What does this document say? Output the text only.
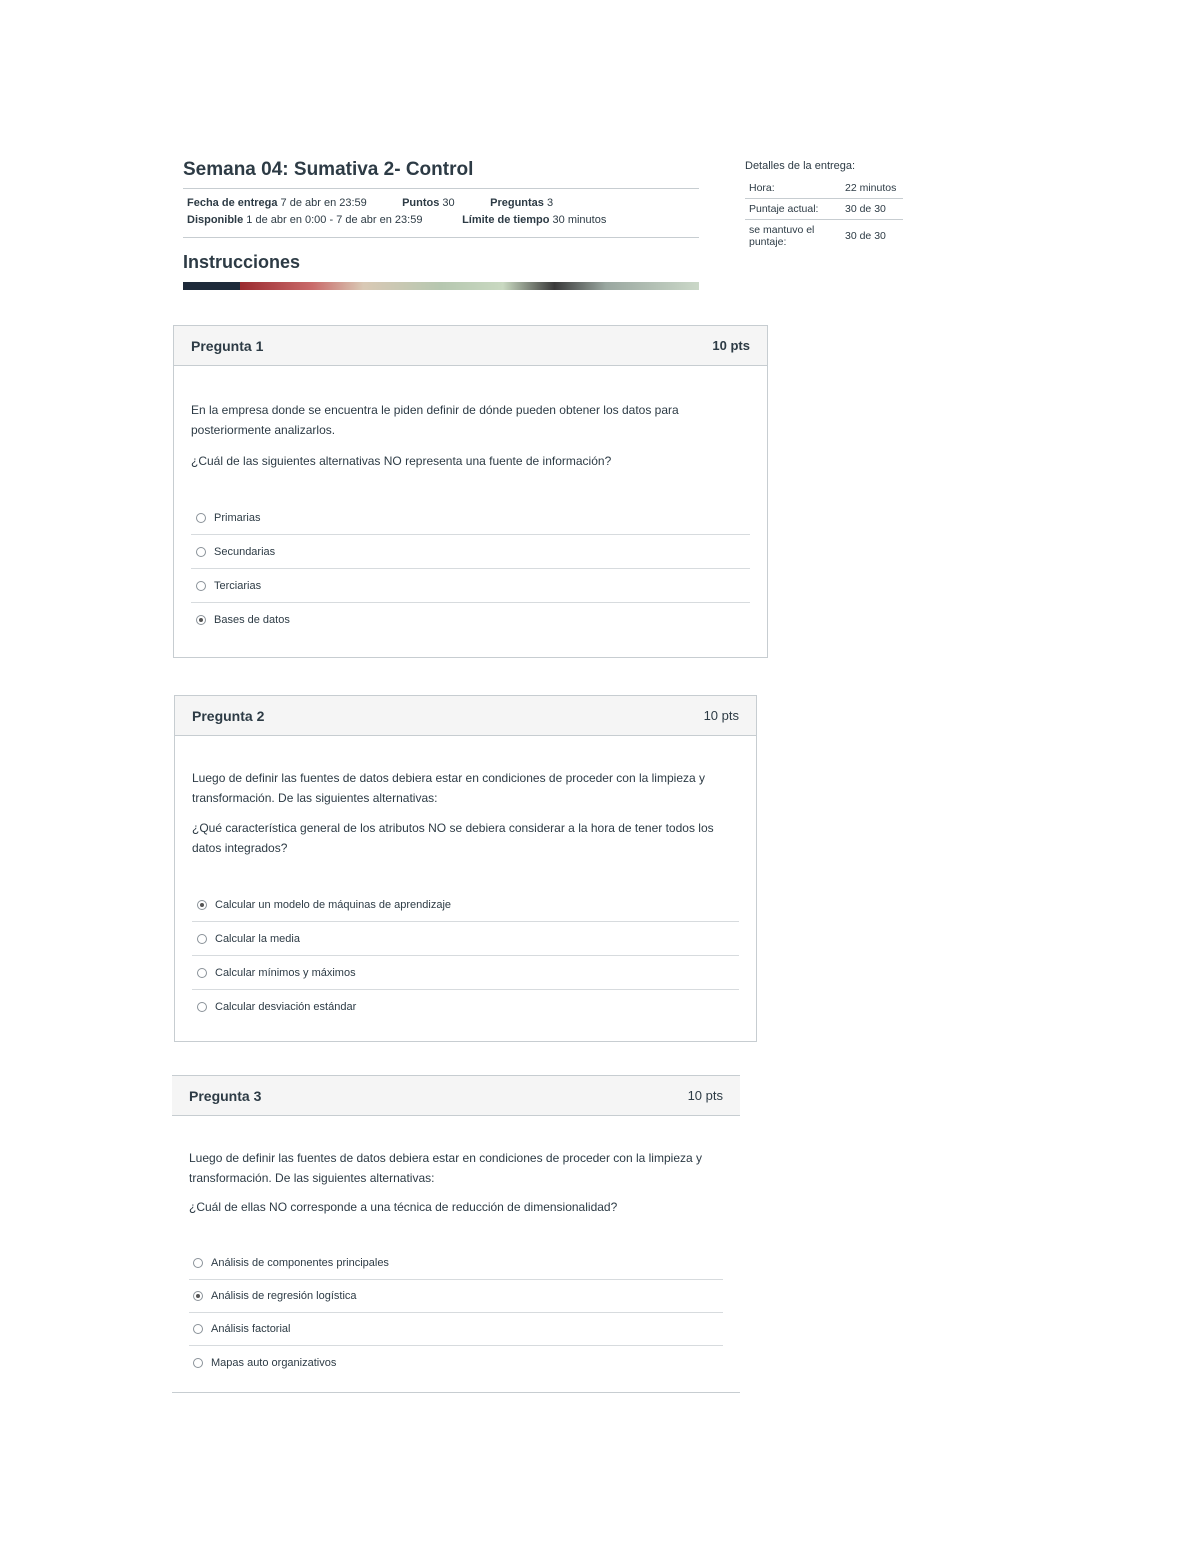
Semana 04: Sumativa 2- Control
Fecha de entrega 7 de abr en 23:59	Puntos 30	Preguntas 3
Disponible 1 de abr en 0:00 - 7 de abr en 23:59	Límite de tiempo 30 minutos
Instrucciones
Detalles de la entrega:
Hora:	22 minutos
Puntaje actual:	30 de 30
se mantuvo el puntaje:	30 de 30
Pregunta 1	10 pts

En la empresa donde se encuentra le piden definir de dónde pueden obtener los datos para posteriormente analizarlos.

¿Cuál de las siguientes alternativas NO representa una fuente de información?

Primarias
Secundarias
Terciarias
Bases de datos
Pregunta 2	10 pts

Luego de definir las fuentes de datos debiera estar en condiciones de proceder con la limpieza y transformación. De las siguientes alternativas:

¿Qué característica general de los atributos NO se debiera considerar a la hora de tener todos los datos integrados?

Calcular un modelo de máquinas de aprendizaje
Calcular la media
Calcular mínimos y máximos
Calcular desviación estándar
Pregunta 3	10 pts

Luego de definir las fuentes de datos debiera estar en condiciones de proceder con la limpieza y transformación. De las siguientes alternativas:

¿Cuál de ellas NO corresponde a una técnica de reducción de dimensionalidad?

Análisis de componentes principales
Análisis de regresión logística
Análisis factorial
Mapas auto organizativos
